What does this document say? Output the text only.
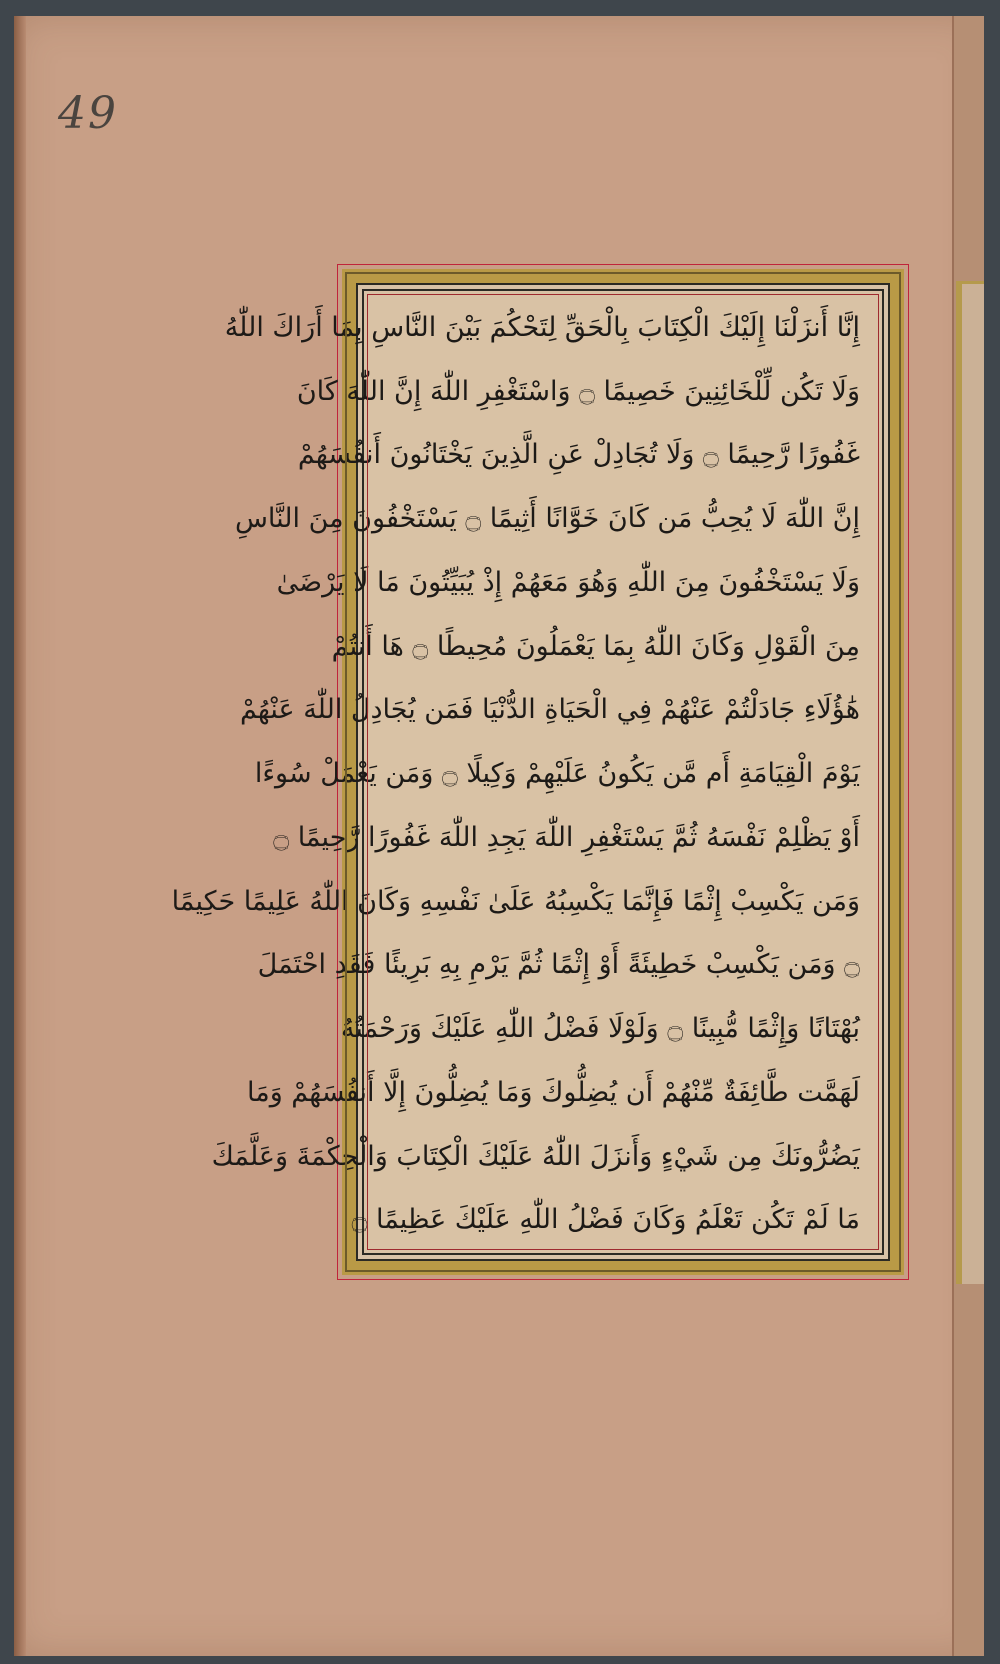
49
إِنَّا أَنزَلْنَا إِلَيْكَ الْكِتَابَ بِالْحَقِّ لِتَحْكُمَ بَيْنَ النَّاسِ بِمَا أَرَاكَ اللّٰهُ
وَلَا تَكُن لِّلْخَائِنِينَ خَصِيمًا ۝ وَاسْتَغْفِرِ اللّٰهَ إِنَّ اللّٰهَ كَانَ
غَفُورًا رَّحِيمًا ۝ وَلَا تُجَادِلْ عَنِ الَّذِينَ يَخْتَانُونَ أَنفُسَهُمْ
إِنَّ اللّٰهَ لَا يُحِبُّ مَن كَانَ خَوَّانًا أَثِيمًا ۝ يَسْتَخْفُونَ مِنَ النَّاسِ
وَلَا يَسْتَخْفُونَ مِنَ اللّٰهِ وَهُوَ مَعَهُمْ إِذْ يُبَيِّتُونَ مَا لَا يَرْضَىٰ
مِنَ الْقَوْلِ وَكَانَ اللّٰهُ بِمَا يَعْمَلُونَ مُحِيطًا ۝ هَا أَنتُمْ
هَٰؤُلَاءِ جَادَلْتُمْ عَنْهُمْ فِي الْحَيَاةِ الدُّنْيَا فَمَن يُجَادِلُ اللّٰهَ عَنْهُمْ
يَوْمَ الْقِيَامَةِ أَم مَّن يَكُونُ عَلَيْهِمْ وَكِيلًا ۝ وَمَن يَعْمَلْ سُوءًا
أَوْ يَظْلِمْ نَفْسَهُ ثُمَّ يَسْتَغْفِرِ اللّٰهَ يَجِدِ اللّٰهَ غَفُورًا رَّحِيمًا ۝
وَمَن يَكْسِبْ إِثْمًا فَإِنَّمَا يَكْسِبُهُ عَلَىٰ نَفْسِهِ وَكَانَ اللّٰهُ عَلِيمًا حَكِيمًا
۝ وَمَن يَكْسِبْ خَطِيئَةً أَوْ إِثْمًا ثُمَّ يَرْمِ بِهِ بَرِيئًا فَقَدِ احْتَمَلَ
بُهْتَانًا وَإِثْمًا مُّبِينًا ۝ وَلَوْلَا فَضْلُ اللّٰهِ عَلَيْكَ وَرَحْمَتُهُ
لَهَمَّت طَّائِفَةٌ مِّنْهُمْ أَن يُضِلُّوكَ وَمَا يُضِلُّونَ إِلَّا أَنفُسَهُمْ وَمَا
يَضُرُّونَكَ مِن شَيْءٍ وَأَنزَلَ اللّٰهُ عَلَيْكَ الْكِتَابَ وَالْحِكْمَةَ وَعَلَّمَكَ
مَا لَمْ تَكُن تَعْلَمُ وَكَانَ فَضْلُ اللّٰهِ عَلَيْكَ عَظِيمًا ۝
